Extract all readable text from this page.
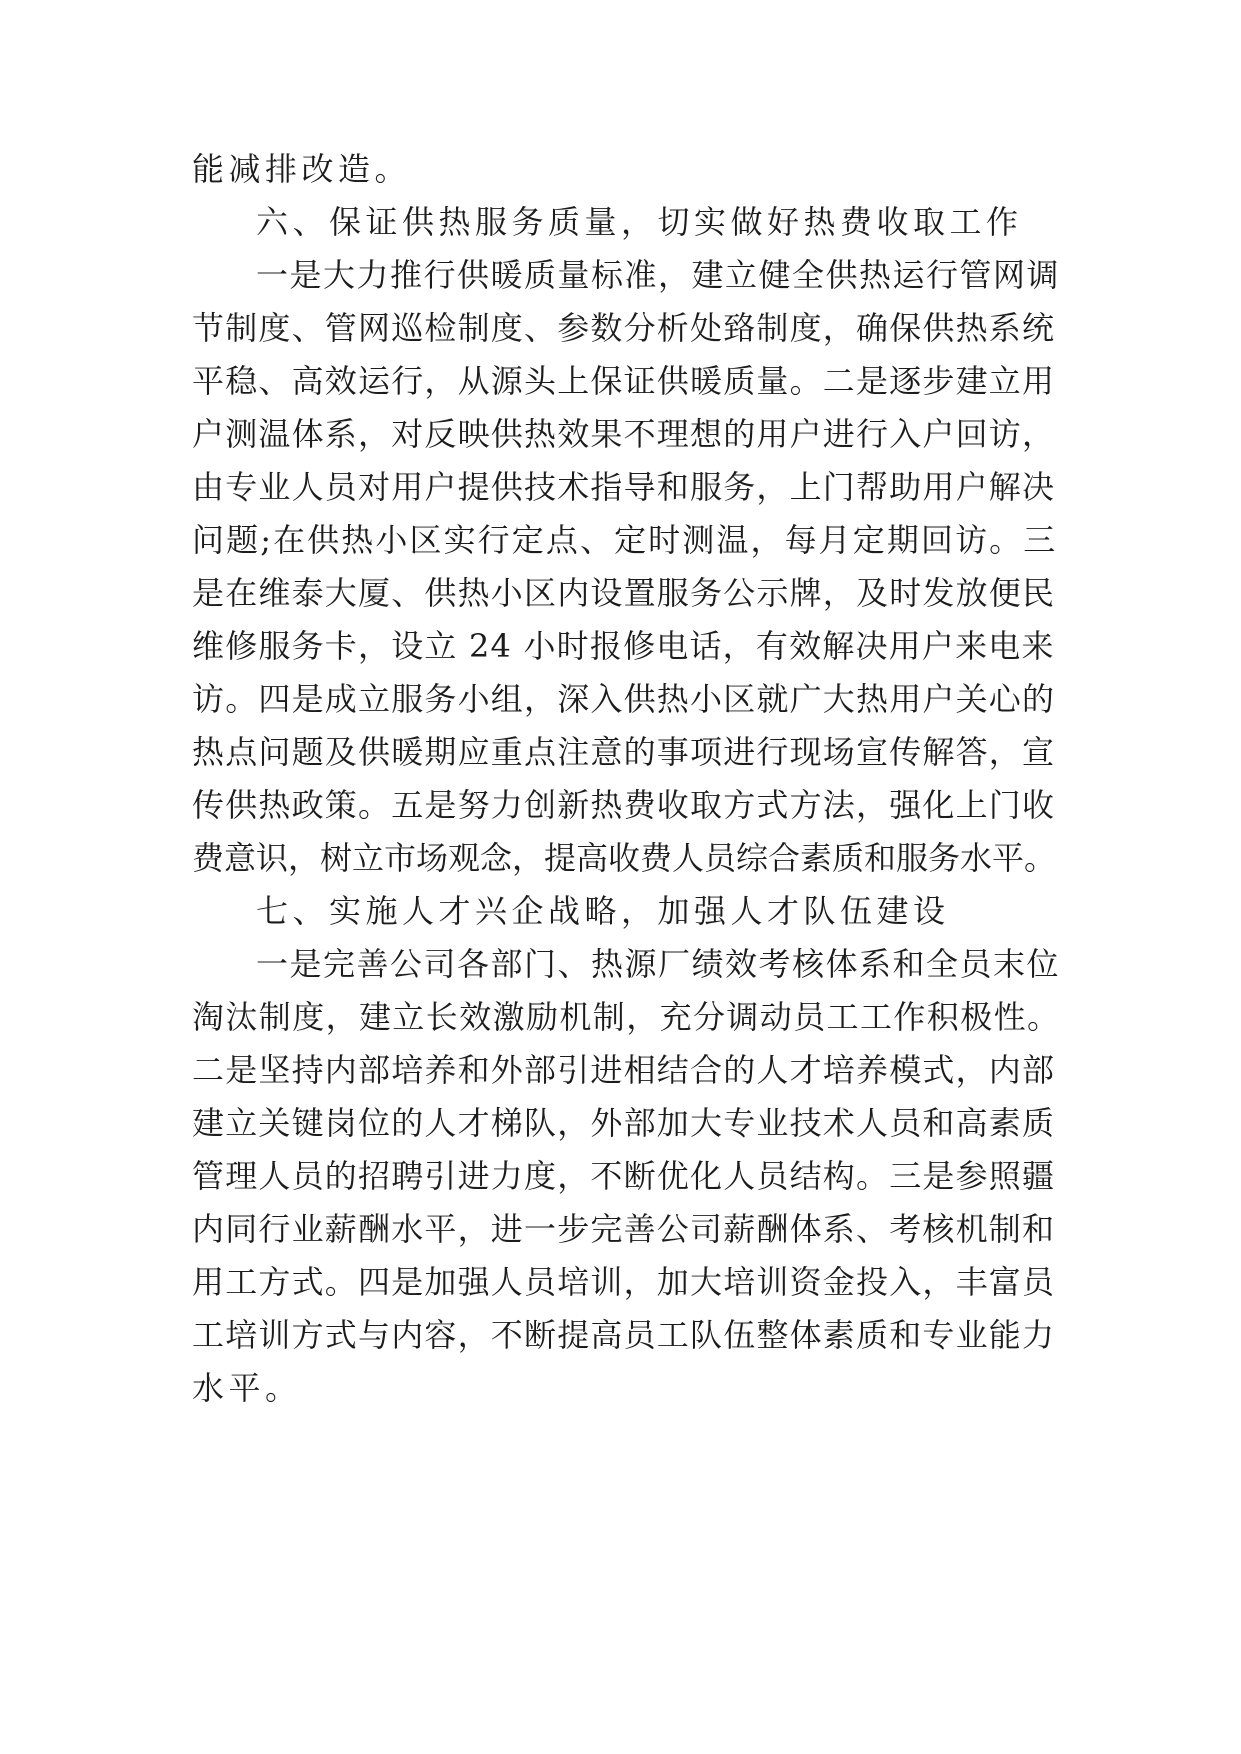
能减排改造。
六、保证供热服务质量，切实做好热费收取工作
一是大力推行供暖质量标准，建立健全供热运行管网调
节制度、管网巡检制度、参数分析处臵制度，确保供热系统
平稳、高效运行，从源头上保证供暖质量。二是逐步建立用
户测温体系，对反映供热效果不理想的用户进行入户回访，
由专业人员对用户提供技术指导和服务，上门帮助用户解决
问题;在供热小区实行定点、定时测温，每月定期回访。三
是在维泰大厦、供热小区内设置服务公示牌，及时发放便民
维修服务卡，设立 24 小时报修电话，有效解决用户来电来
访。四是成立服务小组，深入供热小区就广大热用户关心的
热点问题及供暖期应重点注意的事项进行现场宣传解答，宣
传供热政策。五是努力创新热费收取方式方法，强化上门收
费意识，树立市场观念，提高收费人员综合素质和服务水平。
七、实施人才兴企战略，加强人才队伍建设
一是完善公司各部门、热源厂绩效考核体系和全员末位
淘汰制度，建立长效激励机制，充分调动员工工作积极性。
二是坚持内部培养和外部引进相结合的人才培养模式，内部
建立关键岗位的人才梯队，外部加大专业技术人员和高素质
管理人员的招聘引进力度，不断优化人员结构。三是参照疆
内同行业薪酬水平，进一步完善公司薪酬体系、考核机制和
用工方式。四是加强人员培训，加大培训资金投入，丰富员
工培训方式与内容，不断提高员工队伍整体素质和专业能力
水平。
